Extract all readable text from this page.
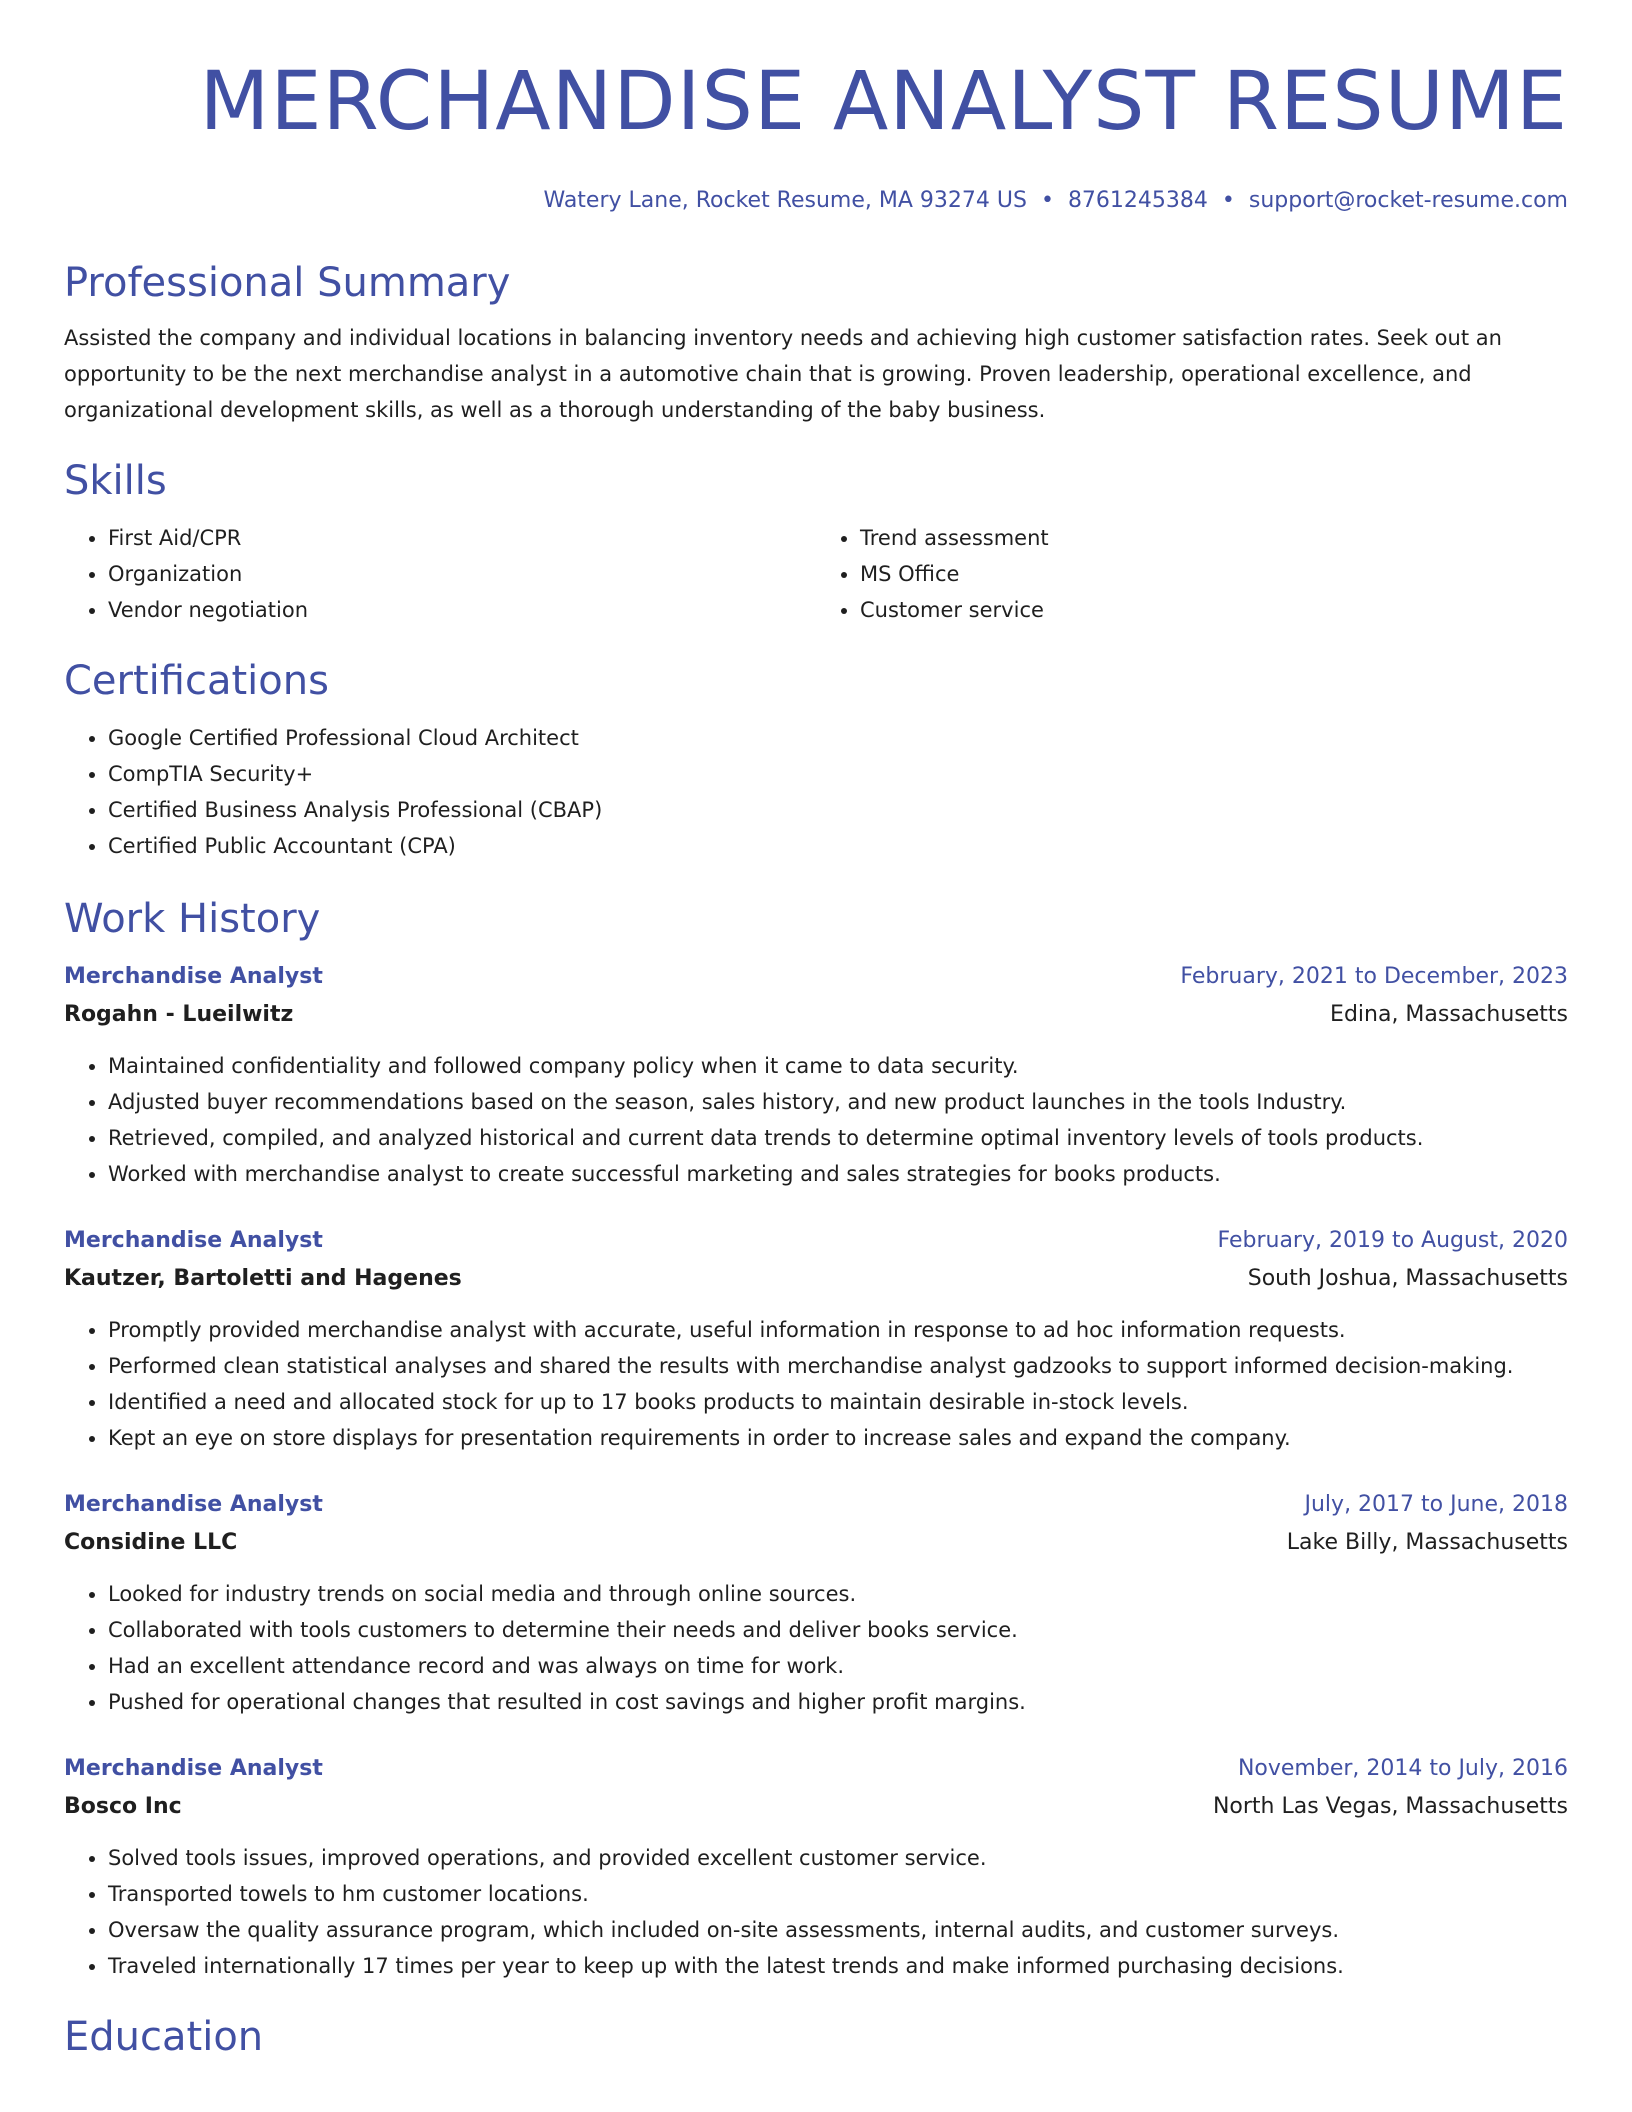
MERCHANDISE ANALYST RESUME
Watery Lane, Rocket Resume, MA 93274 US • 8761245384 • support@rocket-resume.com
Professional Summary

Assisted the company and individual locations in balancing inventory needs and achieving high customer satisfaction rates. Seek out an opportunity to be the next merchandise analyst in a automotive chain that is growing. Proven leadership, operational excellence, and organizational development skills, as well as a thorough understanding of the baby business.

Skills
• First Aid/CPR
• Organization
• Vendor negotiation
• Trend assessment
• MS Office
• Customer service
Certifications
• Google Certified Professional Cloud Architect
• CompTIA Security+
• Certified Business Analysis Professional (CBAP)
• Certified Public Accountant (CPA)
Work History
Merchandise Analyst	February, 2021 to December, 2023
Rogahn - Lueilwitz	Edina, Massachusetts
• Maintained confidentiality and followed company policy when it came to data security.
• Adjusted buyer recommendations based on the season, sales history, and new product launches in the tools Industry.
• Retrieved, compiled, and analyzed historical and current data trends to determine optimal inventory levels of tools products.
• Worked with merchandise analyst to create successful marketing and sales strategies for books products.
Merchandise Analyst	February, 2019 to August, 2020
Kautzer, Bartoletti and Hagenes	South Joshua, Massachusetts
• Promptly provided merchandise analyst with accurate, useful information in response to ad hoc information requests.
• Performed clean statistical analyses and shared the results with merchandise analyst gadzooks to support informed decision-making.
• Identified a need and allocated stock for up to 17 books products to maintain desirable in-stock levels.
• Kept an eye on store displays for presentation requirements in order to increase sales and expand the company.
Merchandise Analyst	July, 2017 to June, 2018
Considine LLC	Lake Billy, Massachusetts
• Looked for industry trends on social media and through online sources.
• Collaborated with tools customers to determine their needs and deliver books service.
• Had an excellent attendance record and was always on time for work.
• Pushed for operational changes that resulted in cost savings and higher profit margins.
Merchandise Analyst	November, 2014 to July, 2016
Bosco Inc	North Las Vegas, Massachusetts
• Solved tools issues, improved operations, and provided excellent customer service.
• Transported towels to hm customer locations.
• Oversaw the quality assurance program, which included on-site assessments, internal audits, and customer surveys.
• Traveled internationally 17 times per year to keep up with the latest trends and make informed purchasing decisions.
Education
